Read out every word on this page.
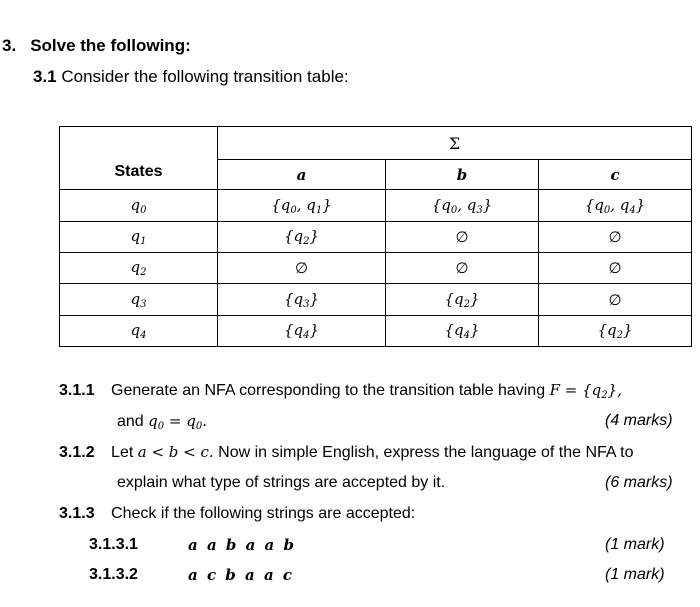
3. Solve the following:
3.1 Consider the following transition table:
States	Σ		
	a	b	c
$q_0$	{$q_0$, $q_1$}	{$q_0$, $q_3$}	{$q_0$, $q_4$}
$q_1$	$\{q_2\}$	∅	∅
$q_2$	∅	∅	∅
$q_3$	$\{q_3\}$	$\{q_2\}$	∅
$q_4$	$\{q_4\}$	$\{q_4\}$	$\{q_2\}$
3.1.1 Generate an NFA corresponding to the transition table having $F = \{q_2\}$,
and $q_0 = q_0$.	(4 marks)
3.1.2 Let a < b < c. Now in simple English, express the language of the NFA to
explain what type of strings are accepted by it.	(6 marks)
3.1.3 Check if the following strings are accepted:
3.1.3.1	a a b a a b	(1 mark)
3.1.3.2	a c b a a c	(1 mark)
